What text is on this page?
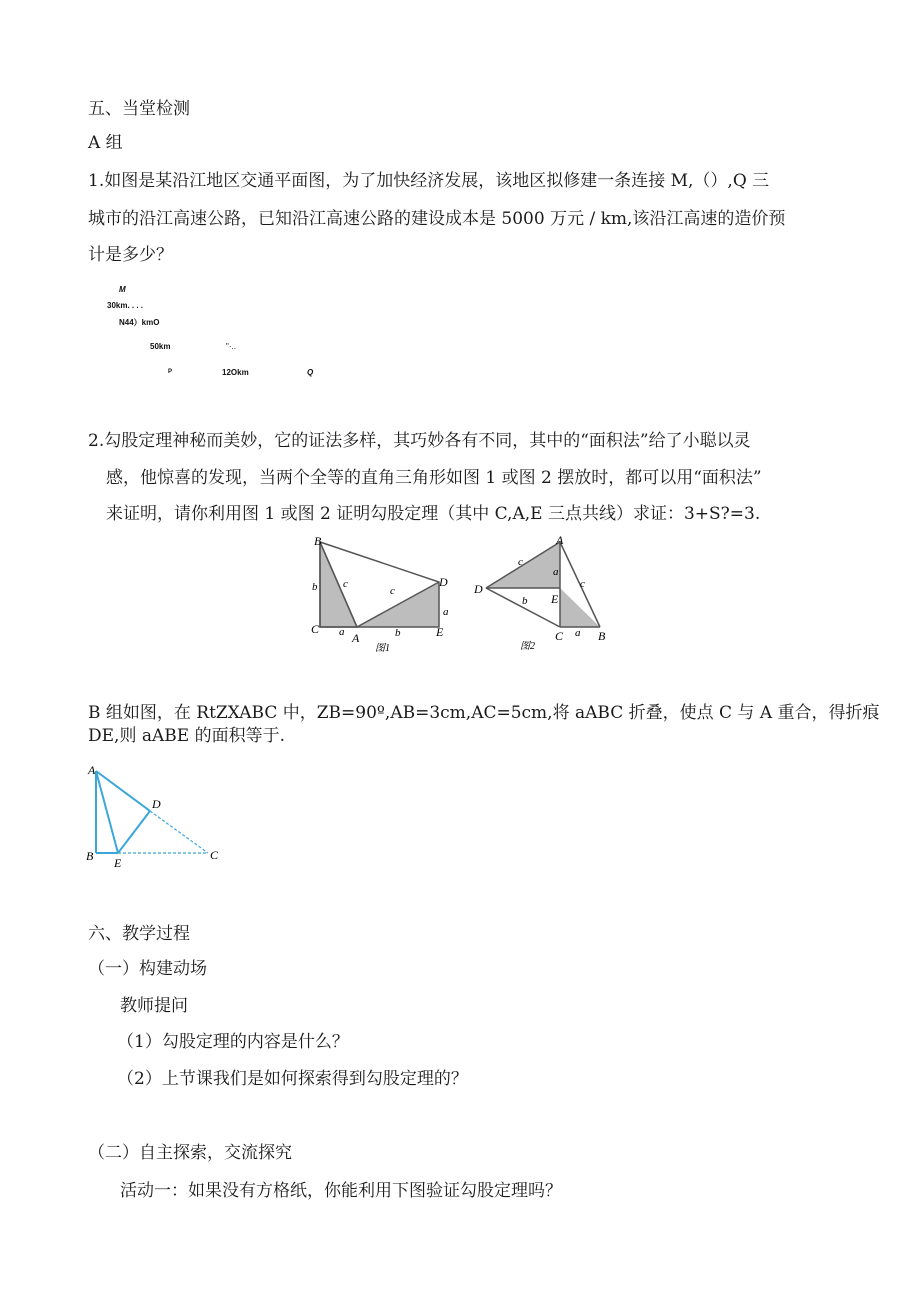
五、当堂检测
A 组
1.如图是某沿江地区交通平面图，为了加快经济发展，该地区拟修建一条连接 M,（）,Q 三
城市的沿江高速公路，已知沿江高速公路的建设成本是 5000 万元 / km,该沿江高速的造价预
计是多少？
M
30km. . . .
N44）kmO
50km	"·..
P	12Okm	Q
2.勾股定理神秘而美妙，它的证法多样，其巧妙各有不同，其中的“面积法”给了小聪以灵
感，他惊喜的发现，当两个全等的直角三角形如图 1 或图 2 摆放时，都可以用“面积法”
来证明，请你利用图 1 或图 2 证明勾股定理（其中 C,A,E 三点共线）求证：3+S?=3.
B
C
A
D
E
b c
c
a
a	b
图1
A
D
E
C	B
c
c
a
b
a
图2
B 组如图，在 RtZXABC 中，ZB=90º,AB=3cm,AC=5cm,将 aABC 折叠，使点 C 与 A 重合，得折痕
DE,则 aABE 的面积等于.
A
D
B E
C
六、教学过程
（一）构建动场
教师提问
（1）勾股定理的内容是什么？
（2）上节课我们是如何探索得到勾股定理的？
（二）自主探索，交流探究
活动一：如果没有方格纸，你能利用下图验证勾股定理吗？
